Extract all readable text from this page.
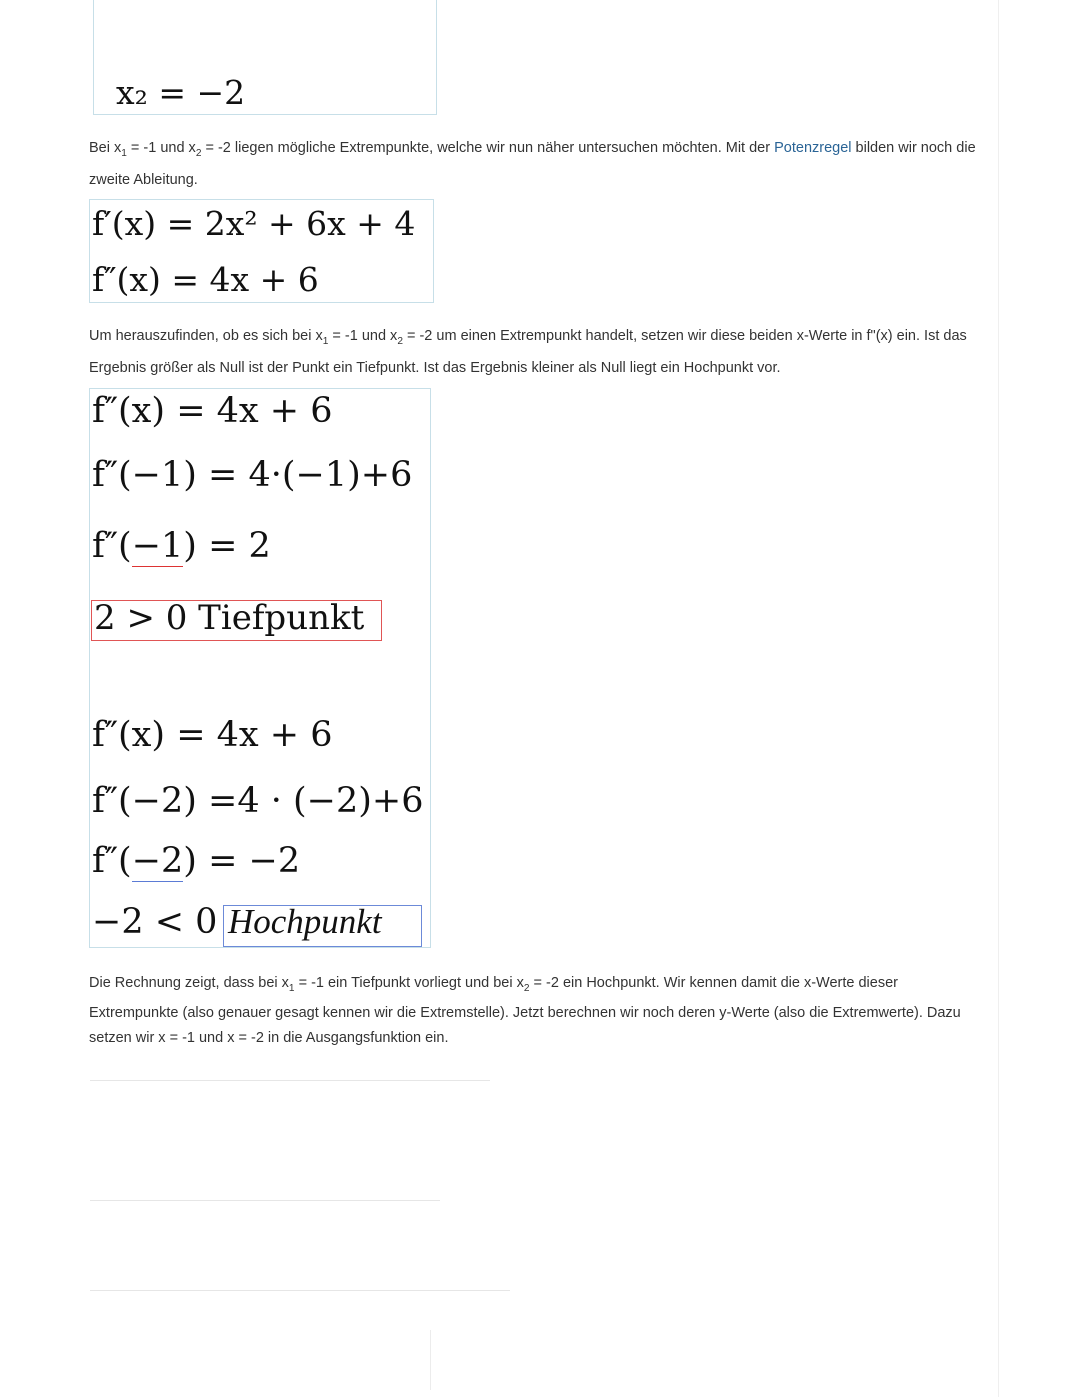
x₂ = −2
Bei $x_1 = -1$ und $x_2 = -2$ liegen mögliche Extrempunkte, welche wir nun näher untersuchen möchten. Mit der Potenzregel bilden wir noch die zweite Ableitung.
f′(x) = 2x² + 6x + 4
f″(x) = 4x + 6
Um herauszufinden, ob es sich bei $x_1 = -1$ und $x_2 = -2$ um einen Extrempunkt handelt, setzen wir diese beiden x-Werte in f"(x) ein. Ist das Ergebnis größer als Null ist der Punkt ein Tiefpunkt. Ist das Ergebnis kleiner als Null liegt ein Hochpunkt vor.
f″(x) = 4x + 6
f″(−1) = 4·(−1)+6
f″(−1) = 2
2 > 0 Tiefpunkt
f″(x) = 4x + 6
f″(−2) =4 · (−2)+6
f″(−2) = −2
−2 < 0 Hochpunkt
Die Rechnung zeigt, dass bei $x_1 = -1$ ein Tiefpunkt vorliegt und bei $x_2 = -2$ ein Hochpunkt. Wir kennen damit die x-Werte dieser Extrempunkte (also genauer gesagt kennen wir die Extremstelle). Jetzt berechnen wir noch deren y-Werte (also die Extremwerte). Dazu setzen wir x = -1 und x = -2 in die Ausgangsfunktion ein.
